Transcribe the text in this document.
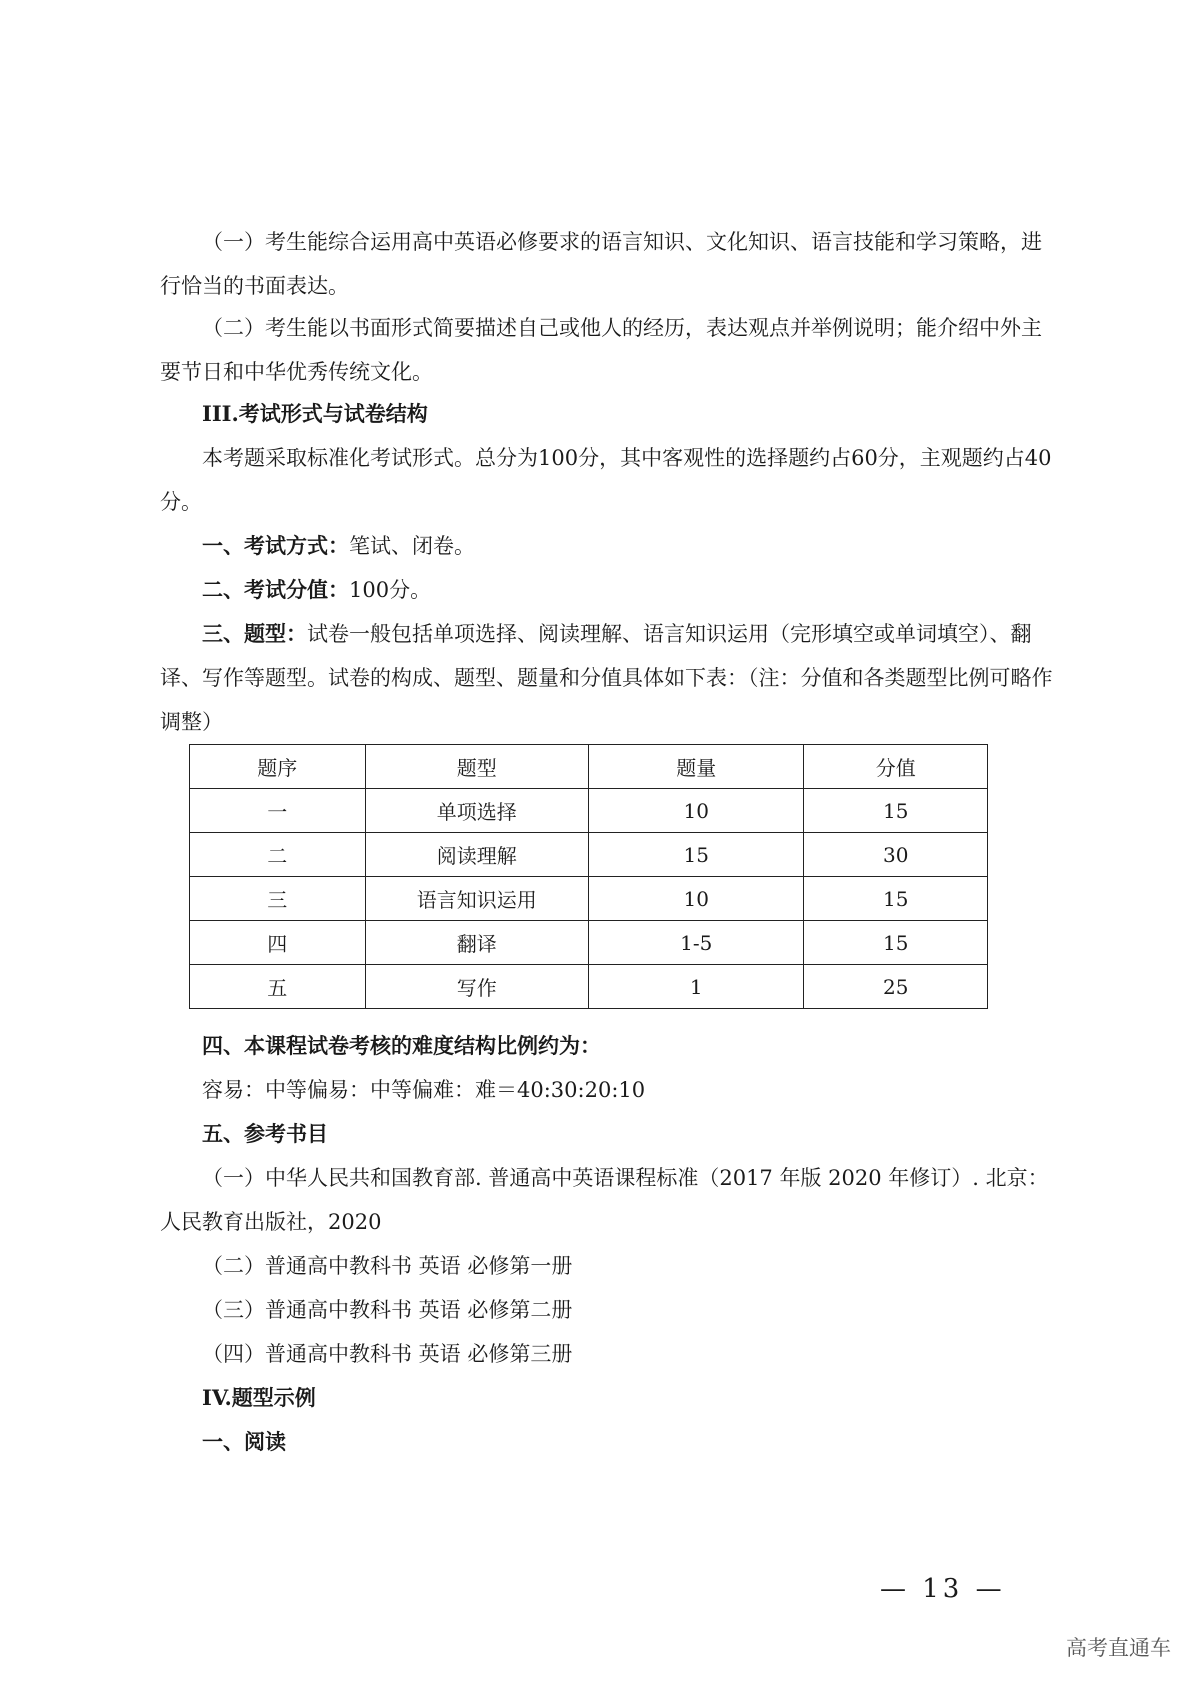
（一）考生能综合运用高中英语必修要求的语言知识、文化知识、语言技能和学习策略，进行恰当的书面表达。

（二）考生能以书面形式简要描述自己或他人的经历，表达观点并举例说明；能介绍中外主要节日和中华优秀传统文化。

III.考试形式与试卷结构

本考题采取标准化考试形式。总分为100分，其中客观性的选择题约占60分，主观题约占40分。

一、考试方式：笔试、闭卷。

二、考试分值：100分。

三、题型：试卷一般包括单项选择、阅读理解、语言知识运用（完形填空或单词填空）、翻译、写作等题型。试卷的构成、题型、题量和分值具体如下表：（注：分值和各类题型比例可略作调整）

题序	题型	题量	分值
一	单项选择	10	15
二	阅读理解	15	30
三	语言知识运用	10	15
四	翻译	1-5	15
五	写作	1	25

四、本课程试卷考核的难度结构比例约为：

容易：中等偏易：中等偏难：难＝40:30:20:10

五、参考书目

（一）中华人民共和国教育部. 普通高中英语课程标准（2017 年版 2020 年修订）. 北京：人民教育出版社，2020

（二）普通高中教科书 英语 必修第一册

（三）普通高中教科书 英语 必修第二册

（四）普通高中教科书 英语 必修第三册

IV.题型示例

一、阅读

— 13 —
高考直通车
